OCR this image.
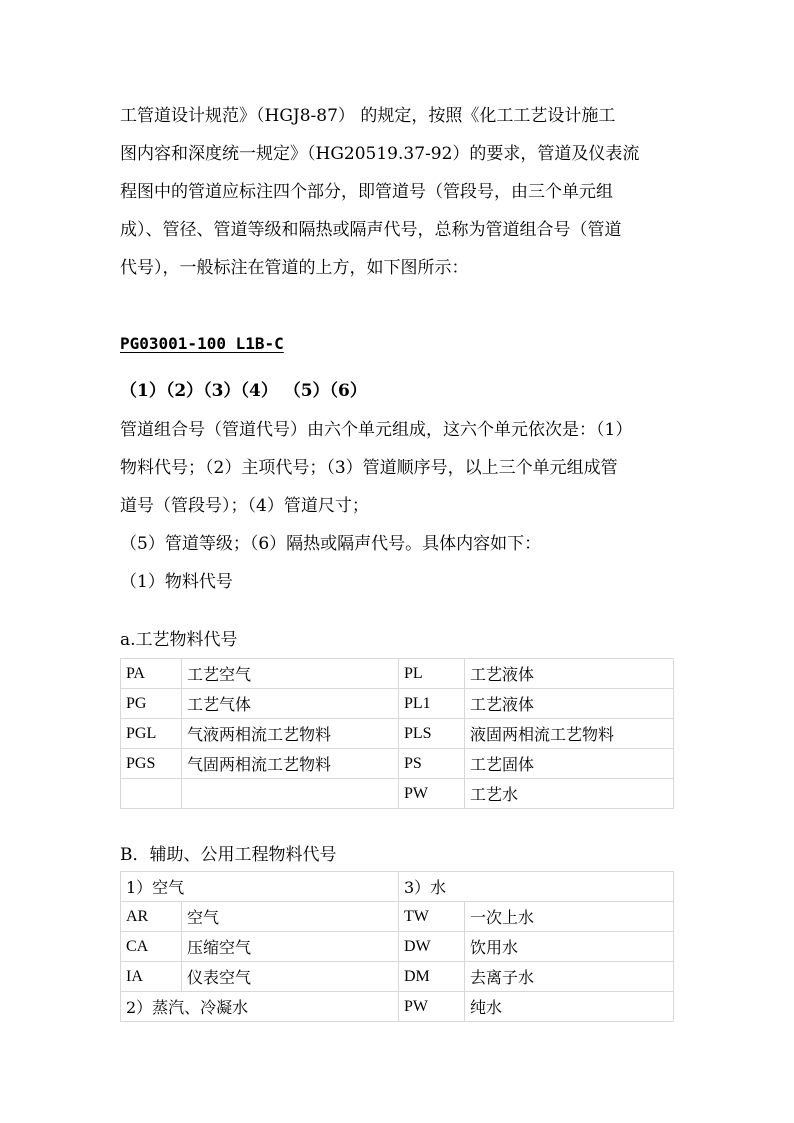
工管道设计规范》（HGJ8-87） 的规定，按照《化工工艺设计施工

图内容和深度统一规定》（HG20519.37-92）的要求，管道及仪表流

程图中的管道应标注四个部分，即管道号（管段号，由三个单元组

成）、管径、管道等级和隔热或隔声代号，总称为管道组合号（管道

代号），一般标注在管道的上方，如下图所示：

PG03001-100 L1B-C
（1）（2）（3）（4） （5）（6）

管道组合号（管道代号）由六个单元组成，这六个单元依次是：（1）

物料代号；（2）主项代号；（3）管道顺序号，以上三个单元组成管

道号（管段号）；（4）管道尺寸；

（5）管道等级；（6）隔热或隔声代号。具体内容如下：

（1）物料代号

a.工艺物料代号
PA	工艺空气	PL	工艺液体
PG	工艺气体	PL1	工艺液体
PGL	气液两相流工艺物料	PLS	液固两相流工艺物料
PGS	气固两相流工艺物料	PS	工艺固体
		PW	工艺水
B．辅助、公用工程物料代号
1）空气		3）水	
AR	空气	TW	一次上水
CA	压缩空气	DW	饮用水
IA	仪表空气	DM	去离子水
2）蒸汽、冷凝水		PW	纯水
